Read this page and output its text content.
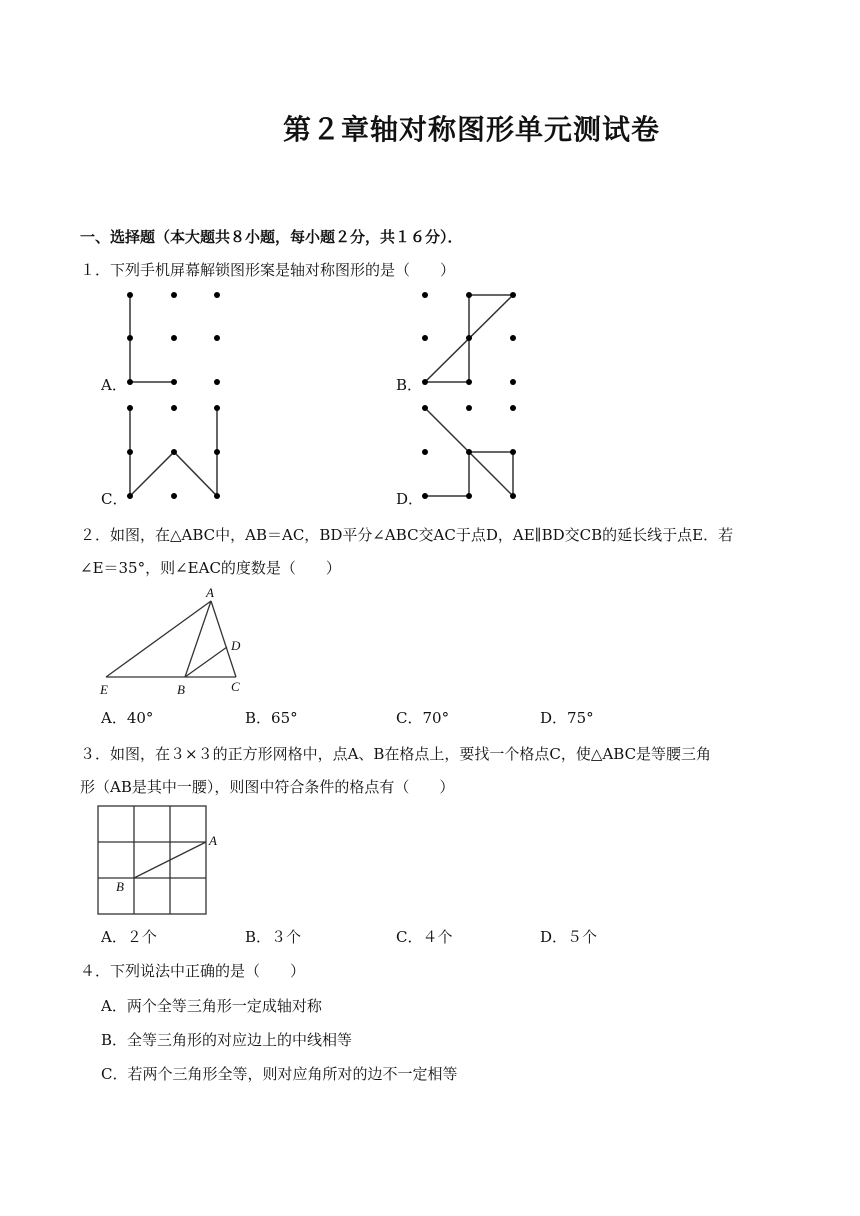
第２章轴对称图形单元测试卷
一、选择题（本大题共８小题，每小题２分，共１６分）．
１．下列手机屏幕解锁图形案是轴对称图形的是（　　）
A
D
E	B	C
A
B
A．	B．
C．	D．
２．如图，在△ABC中，AB＝AC，BD平分∠ABC交AC于点D，AE∥BD交CB的延长线于点E．若
∠E＝35°，则∠EAC的度数是（　　）
A．40°	B．65°	C．70°	D．75°
３．如图，在３×３的正方形网格中，点A、B在格点上，要找一个格点C，使△ABC是等腰三角
形（AB是其中一腰），则图中符合条件的格点有（　　）
A．２个	B．３个	C．４个	D．５个
４．下列说法中正确的是（　　）
A．两个全等三角形一定成轴对称
B．全等三角形的对应边上的中线相等
C．若两个三角形全等，则对应角所对的边不一定相等
